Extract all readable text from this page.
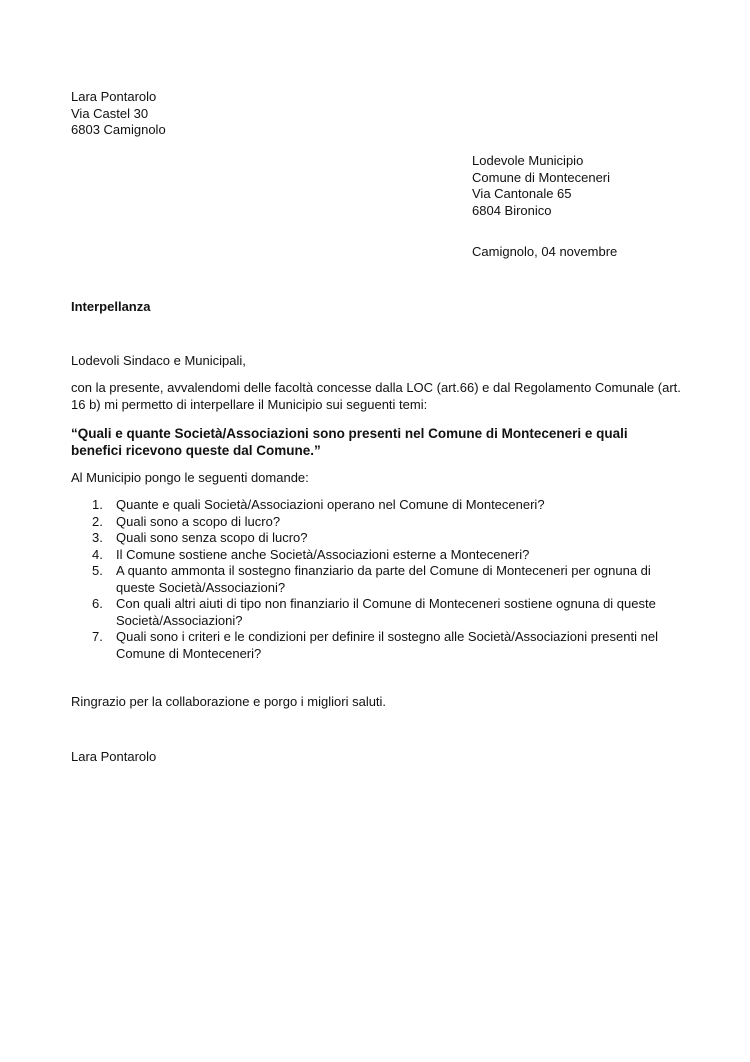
Lara Pontarolo
Via Castel 30
6803 Camignolo
Lodevole Municipio
Comune di Monteceneri
Via Cantonale 65
6804 Bironico
Camignolo, 04 novembre
Interpellanza
Lodevoli Sindaco e Municipali,
con la presente, avvalendomi delle facoltà concesse dalla LOC (art.66) e dal Regolamento Comunale (art. 16 b) mi permetto di interpellare il Municipio sui seguenti temi:
“Quali e quante Società/Associazioni sono presenti nel Comune di Monteceneri e quali benefici ricevono queste dal Comune.”
Al Municipio pongo le seguenti domande:
1. Quante e quali Società/Associazioni operano nel Comune di Monteceneri?
2. Quali sono a scopo di lucro?
3. Quali sono senza scopo di lucro?
4. Il Comune sostiene anche Società/Associazioni esterne a Monteceneri?
5. A quanto ammonta il sostegno finanziario da parte del Comune di Monteceneri per ognuna di queste Società/Associazioni?
6. Con quali altri aiuti di tipo non finanziario il Comune di Monteceneri sostiene ognuna di queste Società/Associazioni?
7. Quali sono i criteri e le condizioni per definire il sostegno alle Società/Associazioni presenti nel Comune di Monteceneri?
Ringrazio per la collaborazione e porgo i migliori saluti.
Lara Pontarolo
